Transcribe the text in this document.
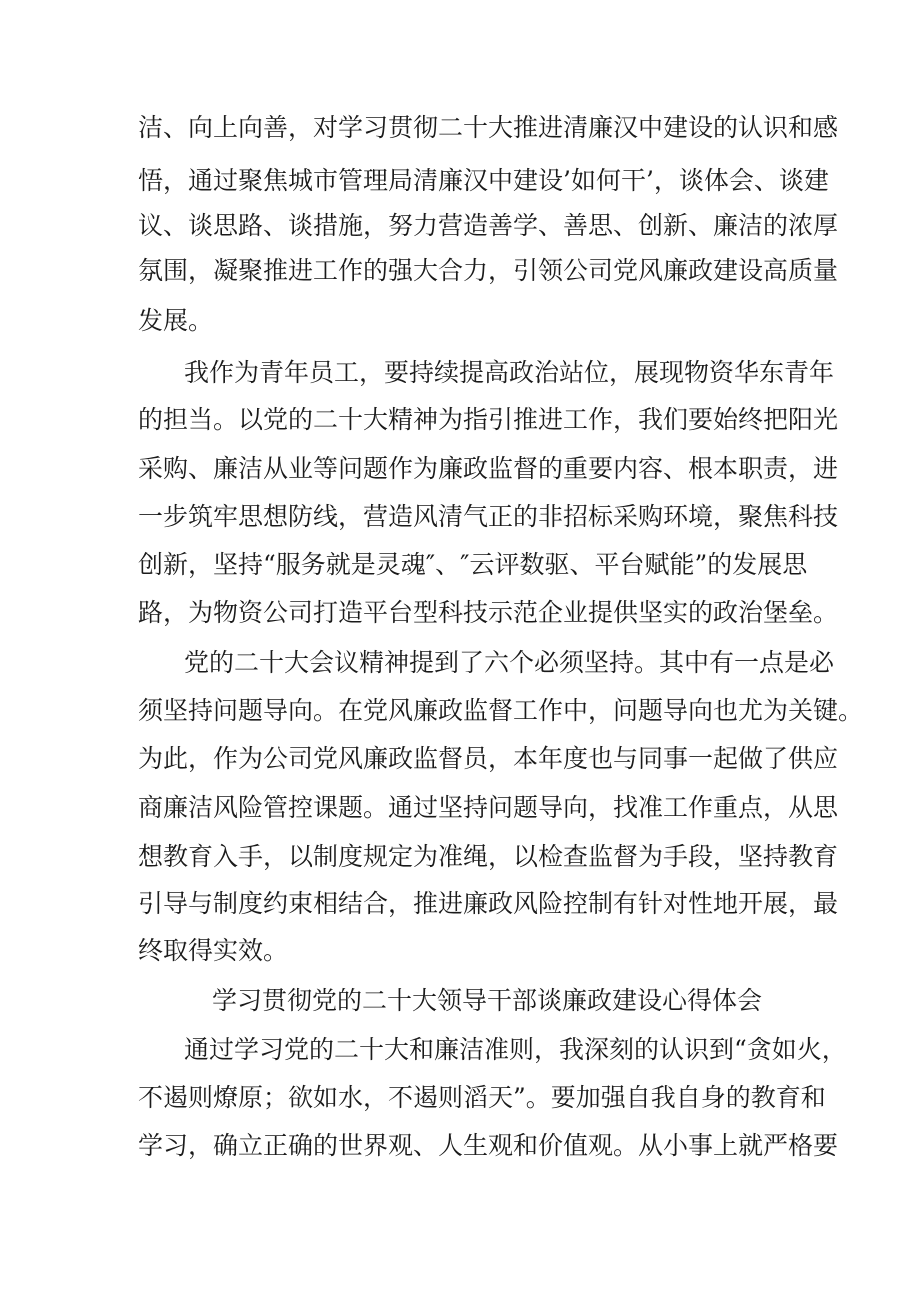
洁、向上向善，对学习贯彻二十大推进清廉汉中建设的认识和感

悟，通过聚焦城市管理局清廉汉中建设’如何干’，谈体会、谈建

议、谈思路、谈措施，努力营造善学、善思、创新、廉洁的浓厚

氛围，凝聚推进工作的强大合力，引领公司党风廉政建设高质量

发展。

我作为青年员工，要持续提高政治站位，展现物资华东青年

的担当。以党的二十大精神为指引推进工作，我们要始终把阳光

采购、廉洁从业等问题作为廉政监督的重要内容、根本职责，进

一步筑牢思想防线，营造风清气正的非招标采购环境，聚焦科技

创新，坚持“服务就是灵魂″、″云评数驱、平台赋能”的发展思

路，为物资公司打造平台型科技示范企业提供坚实的政治堡垒。

党的二十大会议精神提到了六个必须坚持。其中有一点是必

须坚持问题导向。在党风廉政监督工作中，问题导向也尤为关键。

为此，作为公司党风廉政监督员，本年度也与同事一起做了供应

商廉洁风险管控课题。通过坚持问题导向，找准工作重点，从思

想教育入手，以制度规定为准绳，以检查监督为手段，坚持教育

引导与制度约束相结合，推进廉政风险控制有针对性地开展，最

终取得实效。

学习贯彻党的二十大领导干部谈廉政建设心得体会

通过学习党的二十大和廉洁准则，我深刻的认识到“贪如火，

不遏则燎原；欲如水，不遏则滔天”。要加强自我自身的教育和

学习，确立正确的世界观、人生观和价值观。从小事上就严格要
